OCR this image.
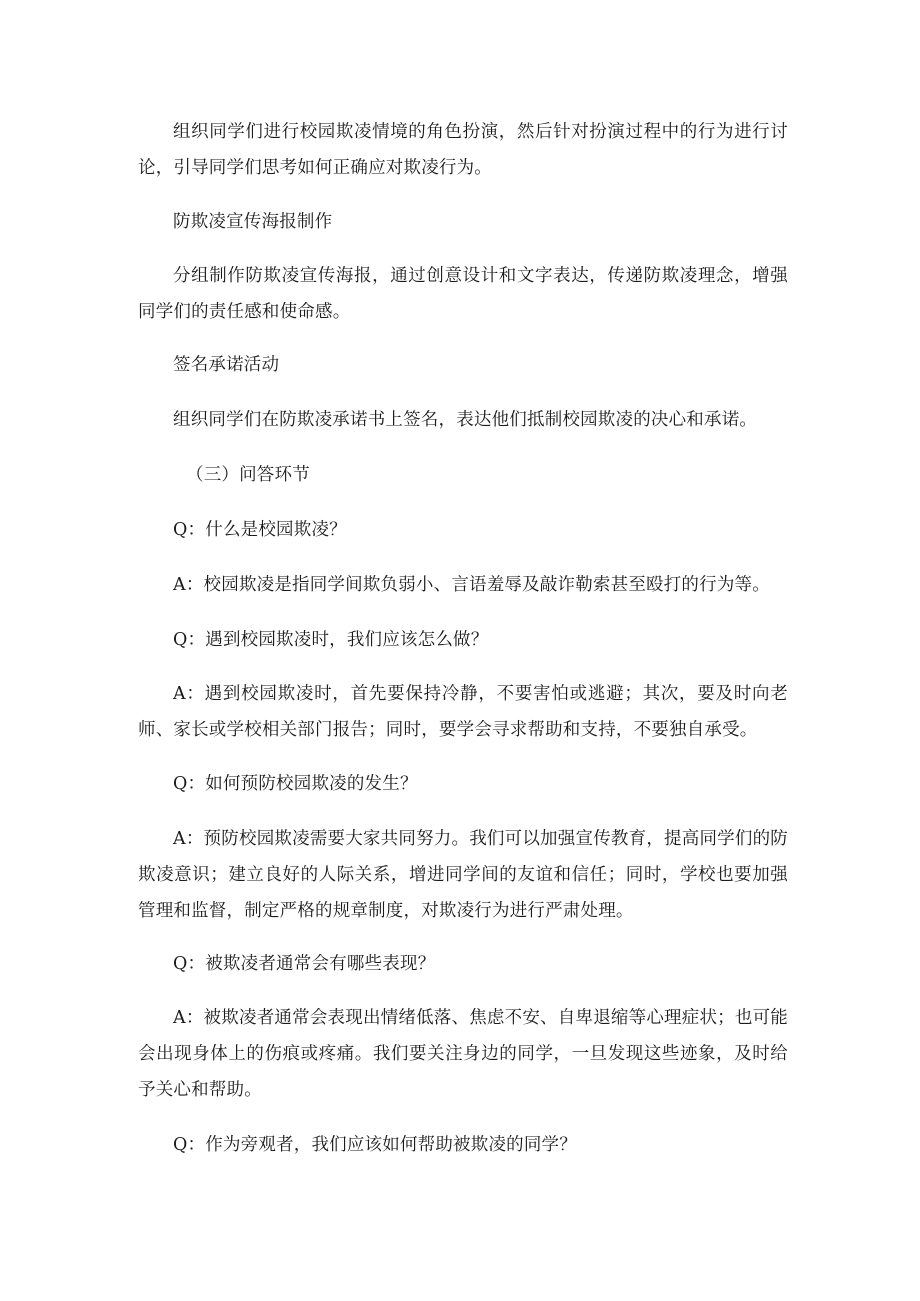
组织同学们进行校园欺凌情境的角色扮演，然后针对扮演过程中的行为进行讨论，引导同学们思考如何正确应对欺凌行为。

防欺凌宣传海报制作

分组制作防欺凌宣传海报，通过创意设计和文字表达，传递防欺凌理念，增强同学们的责任感和使命感。

签名承诺活动

组织同学们在防欺凌承诺书上签名，表达他们抵制校园欺凌的决心和承诺。

（三）问答环节

Q：什么是校园欺凌？

A：校园欺凌是指同学间欺负弱小、言语羞辱及敲诈勒索甚至殴打的行为等。

Q：遇到校园欺凌时，我们应该怎么做？

A：遇到校园欺凌时，首先要保持冷静，不要害怕或逃避；其次，要及时向老师、家长或学校相关部门报告；同时，要学会寻求帮助和支持，不要独自承受。

Q：如何预防校园欺凌的发生？

A：预防校园欺凌需要大家共同努力。我们可以加强宣传教育，提高同学们的防欺凌意识；建立良好的人际关系，增进同学间的友谊和信任；同时，学校也要加强管理和监督，制定严格的规章制度，对欺凌行为进行严肃处理。

Q：被欺凌者通常会有哪些表现？

A：被欺凌者通常会表现出情绪低落、焦虑不安、自卑退缩等心理症状；也可能会出现身体上的伤痕或疼痛。我们要关注身边的同学，一旦发现这些迹象，及时给予关心和帮助。

Q：作为旁观者，我们应该如何帮助被欺凌的同学？
